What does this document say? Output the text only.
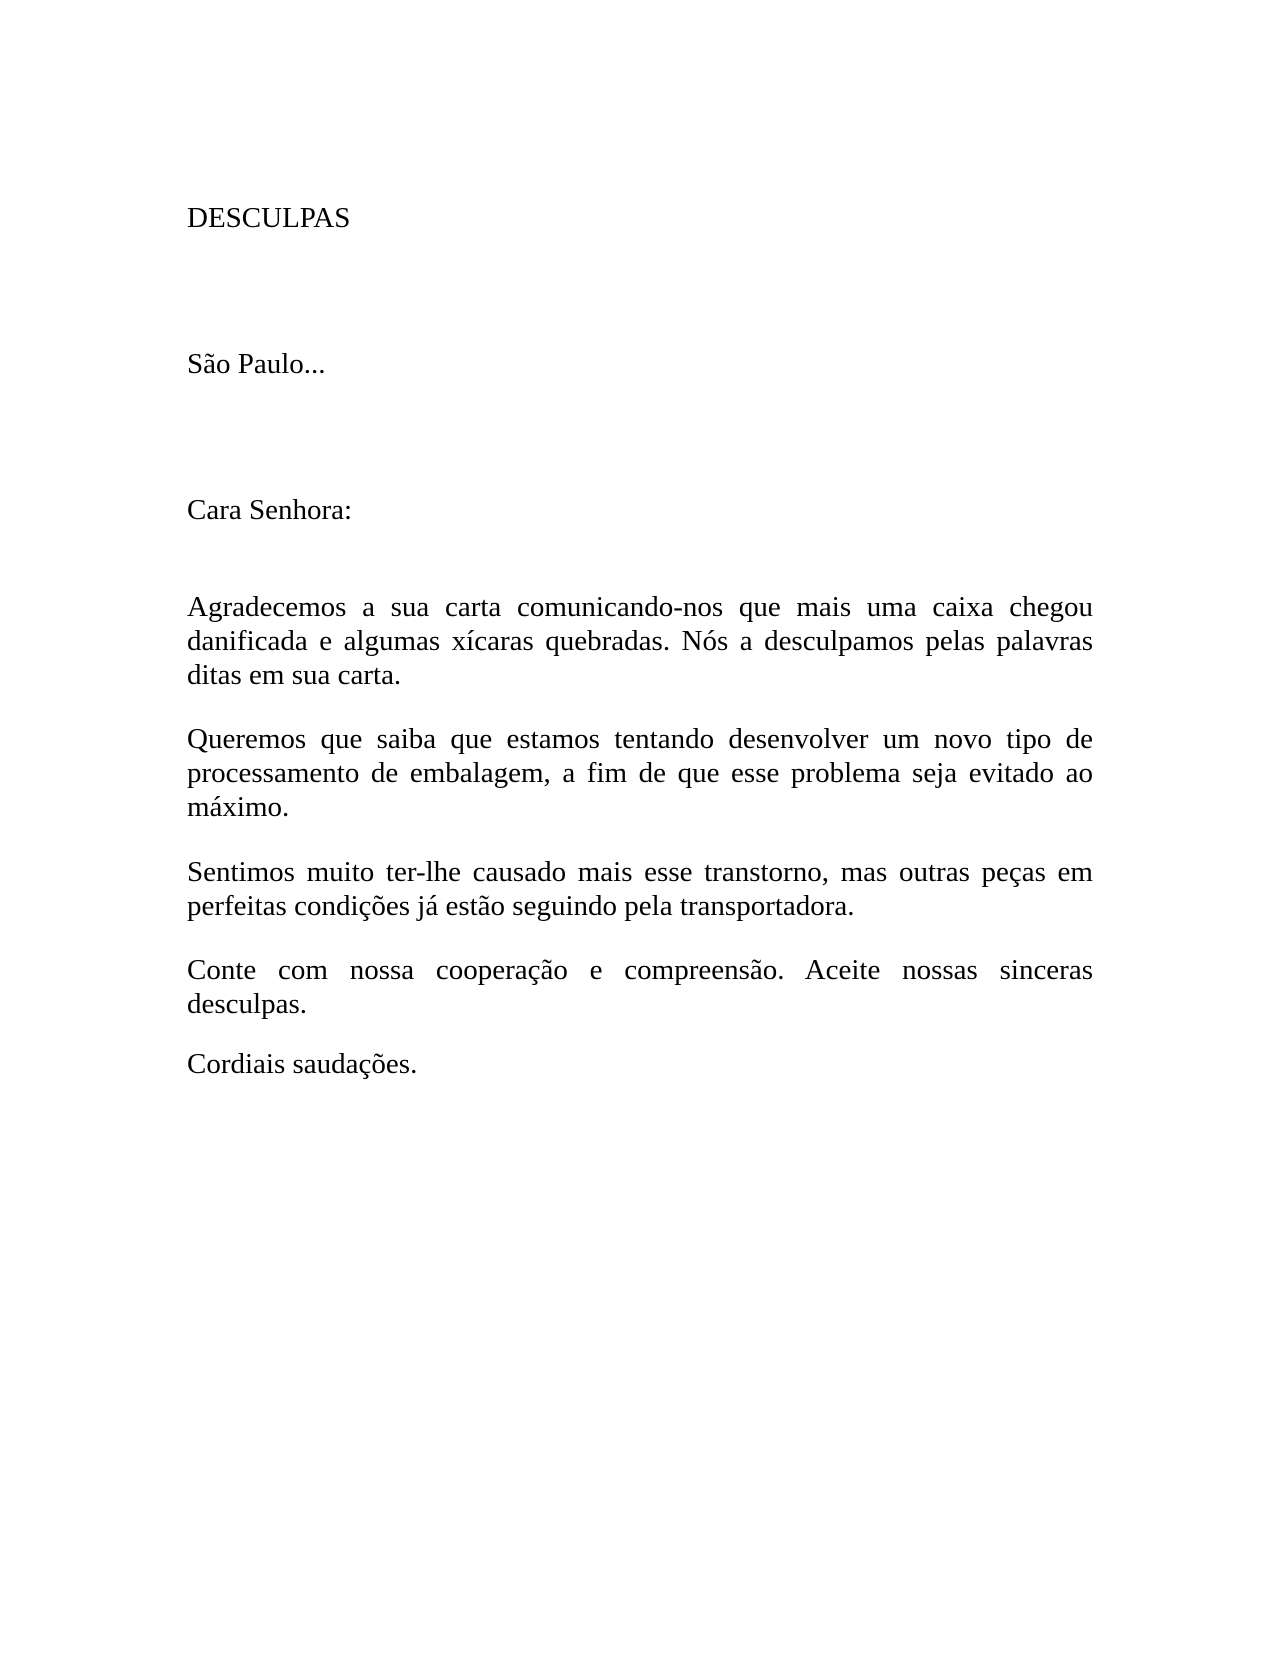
DESCULPAS

São Paulo...

Cara Senhora:

Agradecemos a sua carta comunicando-nos que mais uma caixa chegou danificada e algumas xícaras quebradas. Nós a desculpamos pelas palavras ditas em sua carta.

Queremos que saiba que estamos tentando desenvolver um novo tipo de processamento de embalagem, a fim de que esse problema seja evitado ao máximo.

Sentimos muito ter-lhe causado mais esse transtorno, mas outras peças em perfeitas condições já estão seguindo pela transportadora.

Conte com nossa cooperação e compreensão. Aceite nossas sinceras desculpas.

Cordiais saudações.
